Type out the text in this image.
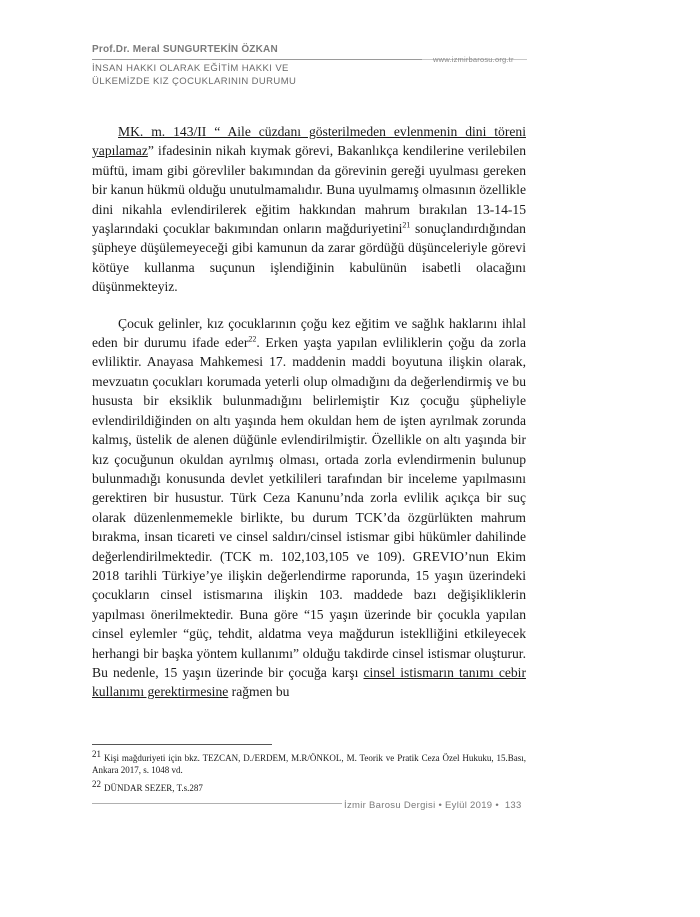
Prof.Dr. Meral SUNGURTEKİN ÖZKAN
www.izmirbarosu.org.tr
İNSAN HAKKI OLARAK EĞİTİM HAKKI VE
ÜLKEMİZDE KIZ ÇOCUKLARININ DURUMU

MK. m. 143/II “ Aile cüzdanı gösterilmeden evlenmenin dini töreni yapılamaz” ifadesinin nikah kıymak görevi, Bakanlıkça kendilerine verilebilen müftü, imam gibi görevliler bakımından da görevinin gereği uyulması gereken bir kanun hükmü olduğu unutulmamalıdır. Buna uyulmamış olmasının özellikle dini nikahla evlendirilerek eğitim hakkından mahrum bırakılan 13-14-15 yaşlarındaki çocuklar bakımından onların mağduriyetini$^{21}$ sonuçlandırdığından şüpheye düşülemeyeceği gibi kamunun da zarar gördüğü düşünceleriyle görevi kötüye kullanma suçunun işlendiğinin kabulünün isabetli olacağını düşünmekteyiz.

Çocuk gelinler, kız çocuklarının çoğu kez eğitim ve sağlık haklarını ihlal eden bir durumu ifade eder$^{22}$. Erken yaşta yapılan evliliklerin çoğu da zorla evliliktir. Anayasa Mahkemesi 17. maddenin maddi boyutuna ilişkin olarak, mevzuatın çocukları korumada yeterli olup olmadığını da değerlendirmiş ve bu hususta bir eksiklik bulunmadığını belirlemiştir Kız çocuğu şüpheliyle evlendirildiğinden on altı yaşında hem okuldan hem de işten ayrılmak zorunda kalmış, üstelik de alenen düğünle evlendirilmiştir. Özellikle on altı yaşında bir kız çocuğunun okuldan ayrılmış olması, ortada zorla evlendirmenin bulunup bulunmadığı konusunda devlet yetkilileri tarafından bir inceleme yapılmasını gerektiren bir husustur. Türk Ceza Kanunu’nda zorla evlilik açıkça bir suç olarak düzenlenmemekle birlikte, bu durum TCK’da özgürlükten mahrum bırakma, insan ticareti ve cinsel saldırı/cinsel istismar gibi hükümler dahilinde değerlendirilmektedir. (TCK m. 102,103,105 ve 109). GREVIO’nun Ekim 2018 tarihli Türkiye’ye ilişkin değerlendirme raporunda, 15 yaşın üzerindeki çocukların cinsel istismarına ilişkin 103. maddede bazı değişikliklerin yapılması önerilmektedir. Buna göre “15 yaşın üzerinde bir çocukla yapılan cinsel eylemler “güç, tehdit, aldatma veya mağdurun isteklliğini etkileyecek herhangi bir başka yöntem kullanımı” olduğu takdirde cinsel istismar oluşturur. Bu nedenle, 15 yaşın üzerinde bir çocuğa karşı cinsel istismarın tanımı cebir kullanımı gerektirmesine rağmen bu

$^{21}$ Kişi mağduriyeti için bkz. TEZCAN, D./ERDEM, M.R/ÖNKOL, M. Teorik ve Pratik Ceza Özel Hukuku, 15.Bası, Ankara 2017, s. 1048 vd.

$^{22}$ DÜNDAR SEZER, T.s.287

İzmir Barosu Dergisi • Eylül 2019 • 133
